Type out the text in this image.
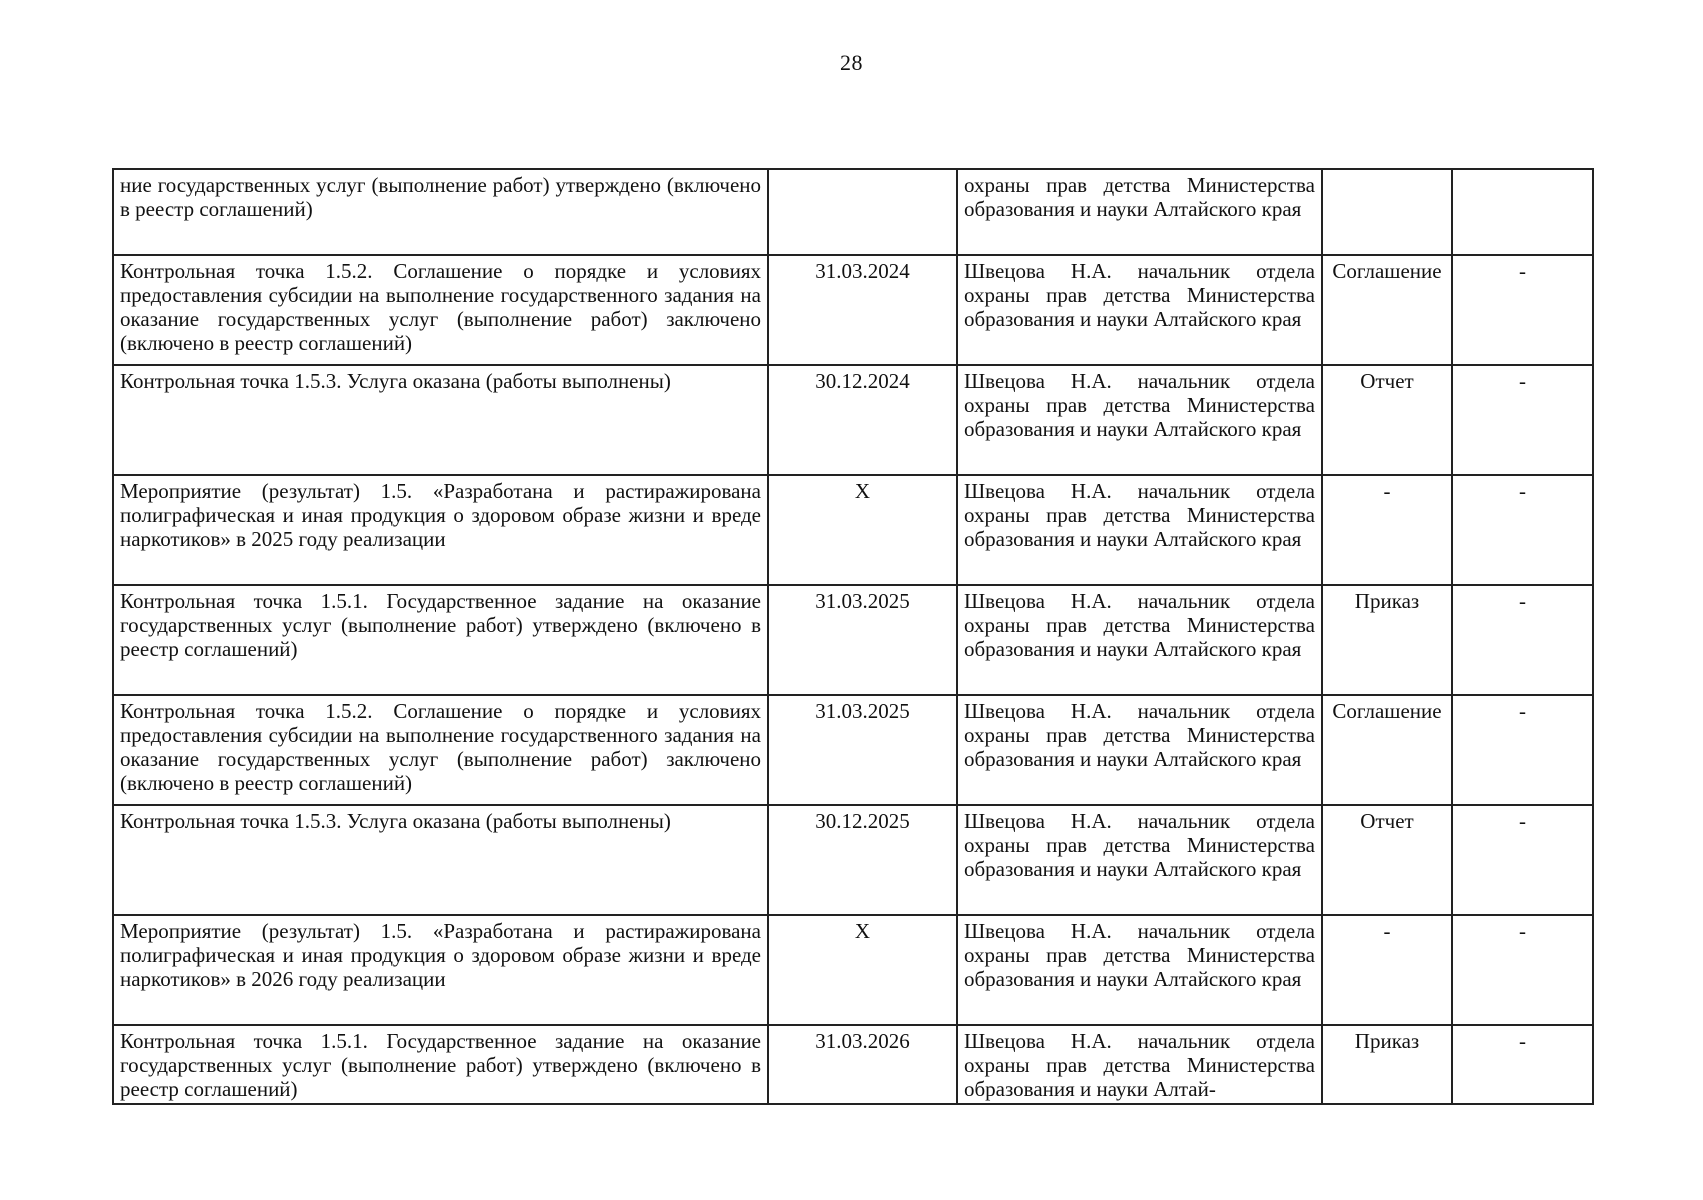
28
ние государственных услуг (выполнение работ) утверждено (включено в реестр соглашений)		охраны прав детства Министерства образования и науки Алтайского края		
Контрольная точка 1.5.2. Соглашение о порядке и условиях предоставления субсидии на выполнение государственного задания на оказание государственных услуг (выполнение работ) заключено (включено в реестр соглашений)	31.03.2024	Швецова Н.А. начальник отдела охраны прав детства Министерства образования и науки Алтайского края	Соглашение	-
Контрольная точка 1.5.3. Услуга оказана (работы выполнены)	30.12.2024	Швецова Н.А. начальник отдела охраны прав детства Министерства образования и науки Алтайского края	Отчет	-
Мероприятие (результат) 1.5. «Разработана и растиражирована полиграфическая и иная продукция о здоровом образе жизни и вреде наркотиков» в 2025 году реализации	X	Швецова Н.А. начальник отдела охраны прав детства Министерства образования и науки Алтайского края	-	-
Контрольная точка 1.5.1. Государственное задание на оказание государственных услуг (выполнение работ) утверждено (включено в реестр соглашений)	31.03.2025	Швецова Н.А. начальник отдела охраны прав детства Министерства образования и науки Алтайского края	Приказ	-
Контрольная точка 1.5.2. Соглашение о порядке и условиях предоставления субсидии на выполнение государственного задания на оказание государственных услуг (выполнение работ) заключено (включено в реестр соглашений)	31.03.2025	Швецова Н.А. начальник отдела охраны прав детства Министерства образования и науки Алтайского края	Соглашение	-
Контрольная точка 1.5.3. Услуга оказана (работы выполнены)	30.12.2025	Швецова Н.А. начальник отдела охраны прав детства Министерства образования и науки Алтайского края	Отчет	-
Мероприятие (результат) 1.5. «Разработана и растиражирована полиграфическая и иная продукция о здоровом образе жизни и вреде наркотиков» в 2026 году реализации	X	Швецова Н.А. начальник отдела охраны прав детства Министерства образования и науки Алтайского края	-	-
Контрольная точка 1.5.1. Государственное задание на оказание государственных услуг (выполнение работ) утверждено (включено в реестр соглашений)	31.03.2026	Швецова Н.А. начальник отдела охраны прав детства Министерства образования и науки Алтай-	Приказ	-
